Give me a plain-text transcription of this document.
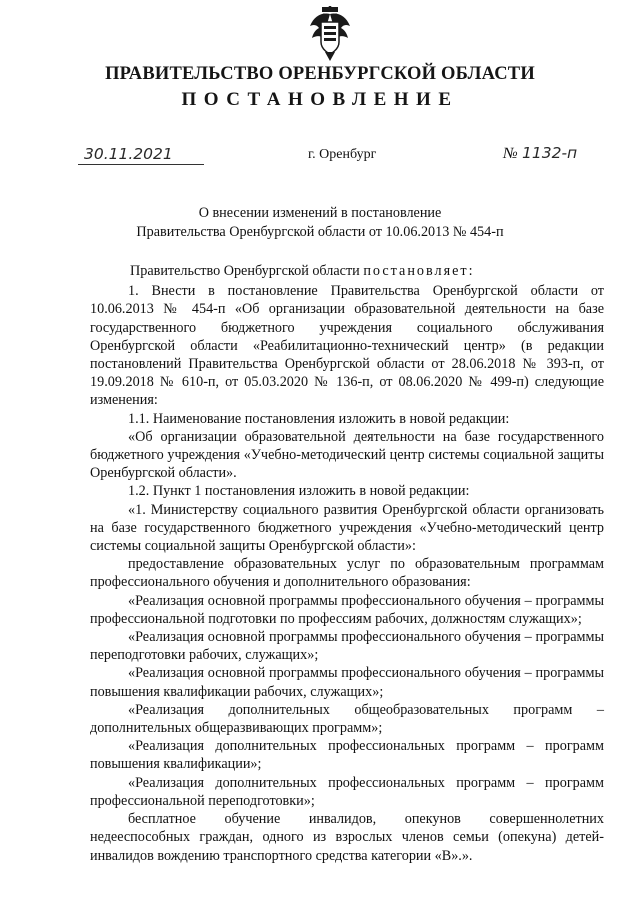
ПРАВИТЕЛЬСТВО ОРЕНБУРГСКОЙ ОБЛАСТИ
ПОСТАНОВЛЕНИЕ
30.11.2021	г. Оренбург	№ 1132-п
О внесении изменений в постановление
Правительства Оренбургской области от 10.06.2013 № 454-п

Правительство Оренбургской области постановляет:

1. Внести в постановление Правительства Оренбургской области от 10.06.2013 № 454-п «Об организации образовательной деятельности на базе государственного бюджетного учреждения социального обслуживания Оренбургской области «Реабилитационно-технический центр» (в редакции постановлений Правительства Оренбургской области от 28.06.2018 № 393-п, от 19.09.2018 № 610-п, от 05.03.2020 № 136-п, от 08.06.2020 № 499-п) следующие изменения:

1.1. Наименование постановления изложить в новой редакции:

«Об организации образовательной деятельности на базе государственного бюджетного учреждения «Учебно-методический центр системы социальной защиты Оренбургской области».

1.2. Пункт 1 постановления изложить в новой редакции:

«1. Министерству социального развития Оренбургской области организовать на базе государственного бюджетного учреждения «Учебно-методический центр системы социальной защиты Оренбургской области»:

предоставление образовательных услуг по образовательным программам профессионального обучения и дополнительного образования:

«Реализация основной программы профессионального обучения – программы профессиональной подготовки по профессиям рабочих, должностям служащих»;

«Реализация основной программы профессионального обучения – программы переподготовки рабочих, служащих»;

«Реализация основной программы профессионального обучения – программы повышения квалификации рабочих, служащих»;

«Реализация дополнительных общеобразовательных программ – дополнительных общеразвивающих программ»;

«Реализация дополнительных профессиональных программ – программ повышения квалификации»;

«Реализация дополнительных профессиональных программ – программ профессиональной переподготовки»;

бесплатное обучение инвалидов, опекунов совершеннолетних недееспособных граждан, одного из взрослых членов семьи (опекуна) детей-инвалидов вождению транспортного средства категории «В».».
